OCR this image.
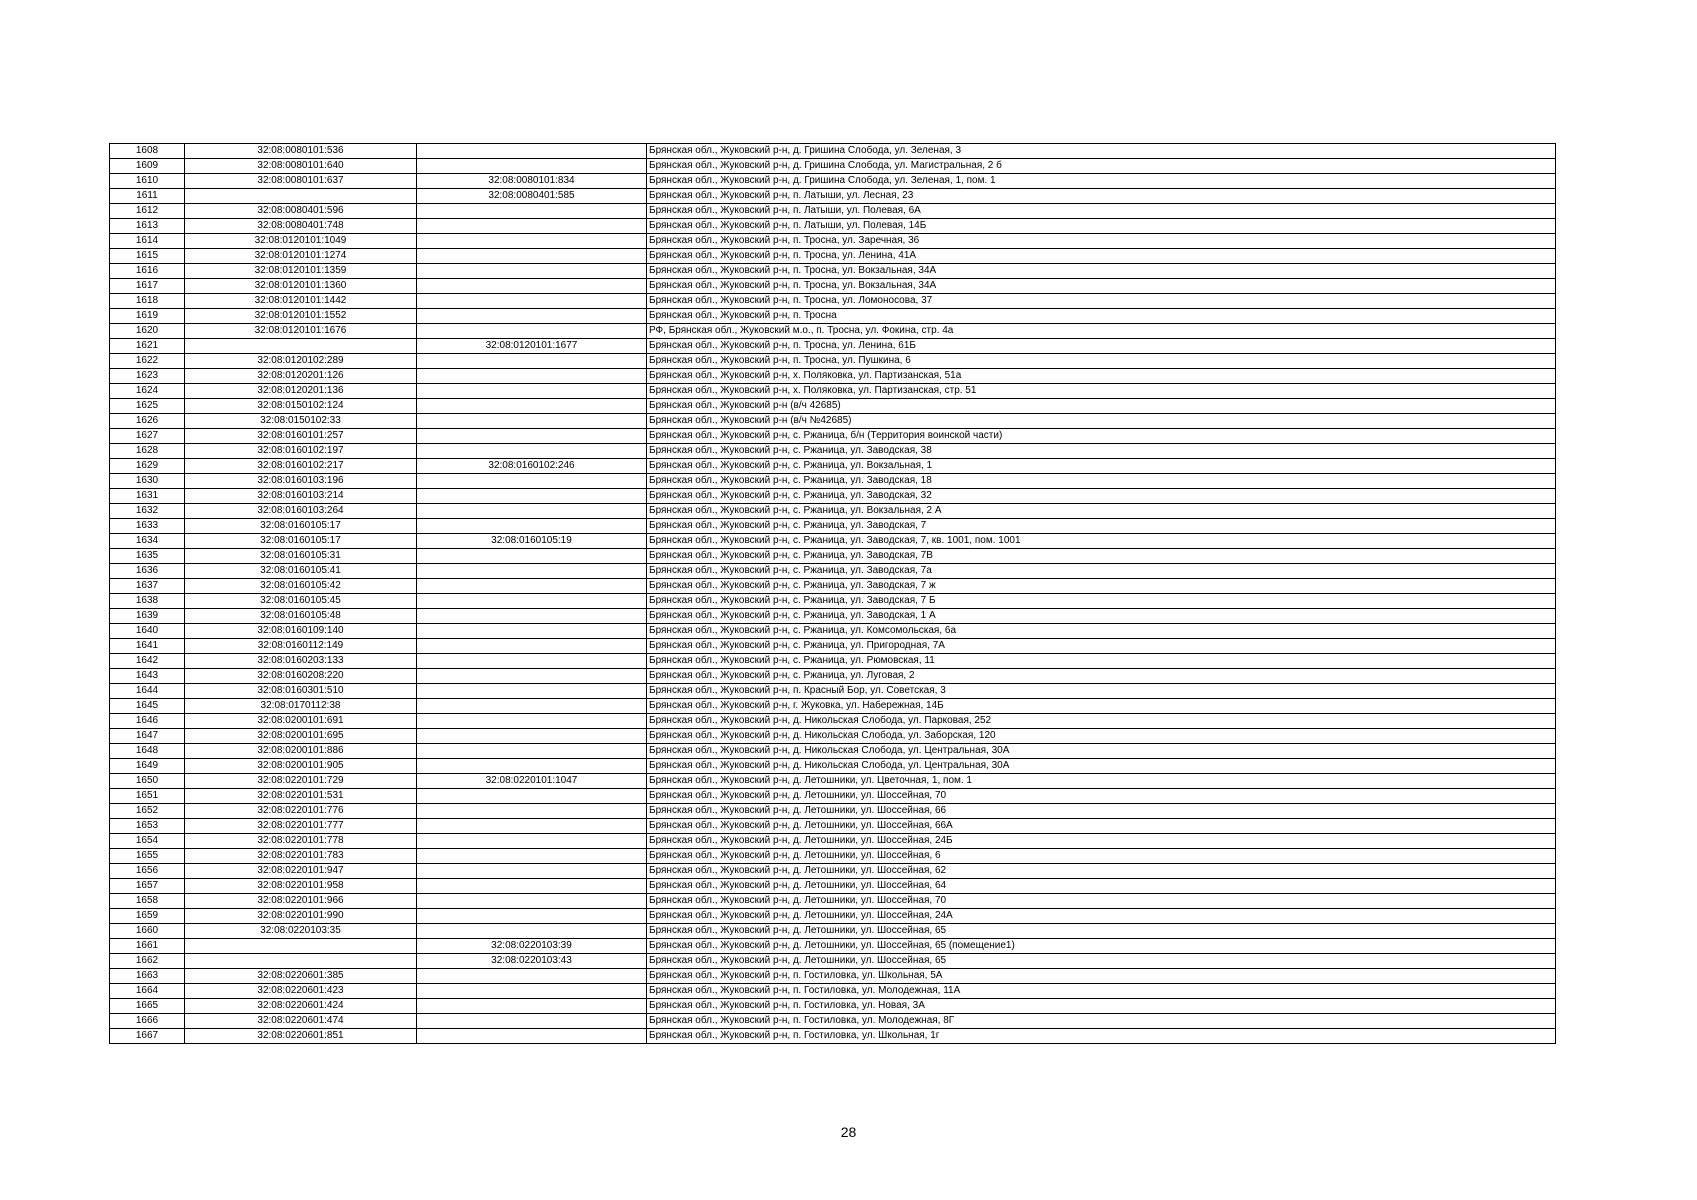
1608	32:08:0080101:536		Брянская обл., Жуковский р-н, д. Гришина Слобода, ул. Зеленая, 3
1609	32:08:0080101:640		Брянская обл., Жуковский р-н, д. Гришина Слобода, ул. Магистральная, 2 б
1610	32:08:0080101:637	32:08:0080101:834	Брянская обл., Жуковский р-н, д. Гришина Слобода, ул. Зеленая, 1, пом. 1
1611		32:08:0080401:585	Брянская обл., Жуковский р-н, п. Латыши, ул. Лесная, 23
1612	32:08:0080401:596		Брянская обл., Жуковский р-н, п. Латыши, ул. Полевая, 6А
1613	32:08:0080401:748		Брянская обл., Жуковский р-н, п. Латыши, ул. Полевая, 14Б
1614	32:08:0120101:1049		Брянская обл., Жуковский р-н, п. Тросна, ул. Заречная, 36
1615	32:08:0120101:1274		Брянская обл., Жуковский р-н, п. Тросна, ул. Ленина, 41А
1616	32:08:0120101:1359		Брянская обл., Жуковский р-н, п. Тросна, ул. Вокзальная, 34А
1617	32:08:0120101:1360		Брянская обл., Жуковский р-н, п. Тросна, ул. Вокзальная, 34А
1618	32:08:0120101:1442		Брянская обл., Жуковский р-н, п. Тросна, ул. Ломоносова, 37
1619	32:08:0120101:1552		Брянская обл., Жуковский р-н, п. Тросна
1620	32:08:0120101:1676		РФ, Брянская обл., Жуковский м.о., п. Тросна, ул. Фокина, стр. 4а
1621		32:08:0120101:1677	Брянская обл., Жуковский р-н, п. Тросна, ул. Ленина, 61Б
1622	32:08:0120102:289		Брянская обл., Жуковский р-н, п. Тросна, ул. Пушкина, 6
1623	32:08:0120201:126		Брянская обл., Жуковский р-н, х. Поляковка, ул. Партизанская, 51а
1624	32:08:0120201:136		Брянская обл., Жуковский р-н, х. Поляковка, ул. Партизанская, стр. 51
1625	32:08:0150102:124		Брянская обл., Жуковский р-н (в/ч 42685)
1626	32:08:0150102:33		Брянская обл., Жуковский р-н (в/ч №42685)
1627	32:08:0160101:257		Брянская обл., Жуковский р-н, с. Ржаница, б/н (Территория воинской части)
1628	32:08:0160102:197		Брянская обл., Жуковский р-н, с. Ржаница, ул. Заводская, 38
1629	32:08:0160102:217	32:08:0160102:246	Брянская обл., Жуковский р-н, с. Ржаница, ул. Вокзальная, 1
1630	32:08:0160103:196		Брянская обл., Жуковский р-н, с. Ржаница, ул. Заводская, 18
1631	32:08:0160103:214		Брянская обл., Жуковский р-н, с. Ржаница, ул. Заводская, 32
1632	32:08:0160103:264		Брянская обл., Жуковский р-н, с. Ржаница, ул. Вокзальная, 2 А
1633	32:08:0160105:17		Брянская обл., Жуковский р-н, с. Ржаница, ул. Заводская, 7
1634	32:08:0160105:17	32:08:0160105:19	Брянская обл., Жуковский р-н, с. Ржаница, ул. Заводская, 7, кв. 1001, пом. 1001
1635	32:08:0160105:31		Брянская обл., Жуковский р-н, с. Ржаница, ул. Заводская, 7В
1636	32:08:0160105:41		Брянская обл., Жуковский р-н, с. Ржаница, ул. Заводская, 7а
1637	32:08:0160105:42		Брянская обл., Жуковский р-н, с. Ржаница, ул. Заводская, 7 ж
1638	32:08:0160105:45		Брянская обл., Жуковский р-н, с. Ржаница, ул. Заводская, 7 Б
1639	32:08:0160105:48		Брянская обл., Жуковский р-н, с. Ржаница, ул. Заводская, 1 А
1640	32:08:0160109:140		Брянская обл., Жуковский р-н, с. Ржаница, ул. Комсомольская, 6а
1641	32:08:0160112:149		Брянская обл., Жуковский р-н, с. Ржаница, ул. Пригородная, 7А
1642	32:08:0160203:133		Брянская обл., Жуковский р-н, с. Ржаница, ул. Рюмовская, 11
1643	32:08:0160208:220		Брянская обл., Жуковский р-н, с. Ржаница, ул. Луговая, 2
1644	32:08:0160301:510		Брянская обл., Жуковский р-н, п. Красный Бор, ул. Советская, 3
1645	32:08:0170112:38		Брянская обл., Жуковский р-н, г. Жуковка, ул. Набережная, 14Б
1646	32:08:0200101:691		Брянская обл., Жуковский р-н, д. Никольская Слобода, ул. Парковая, 252
1647	32:08:0200101:695		Брянская обл., Жуковский р-н, д. Никольская Слобода, ул. Заборская, 120
1648	32:08:0200101:886		Брянская обл., Жуковский р-н, д. Никольская Слобода, ул. Центральная, 30А
1649	32:08:0200101:905		Брянская обл., Жуковский р-н, д. Никольская Слобода, ул. Центральная, 30А
1650	32:08:0220101:729	32:08:0220101:1047	Брянская обл., Жуковский р-н, д. Летошники, ул. Цветочная, 1, пом. 1
1651	32:08:0220101:531		Брянская обл., Жуковский р-н, д. Летошники, ул. Шоссейная, 70
1652	32:08:0220101:776		Брянская обл., Жуковский р-н, д. Летошники, ул. Шоссейная, 66
1653	32:08:0220101:777		Брянская обл., Жуковский р-н, д. Летошники, ул. Шоссейная, 66А
1654	32:08:0220101:778		Брянская обл., Жуковский р-н, д. Летошники, ул. Шоссейная, 24Б
1655	32:08:0220101:783		Брянская обл., Жуковский р-н, д. Летошники, ул. Шоссейная, 6
1656	32:08:0220101:947		Брянская обл., Жуковский р-н, д. Летошники, ул. Шоссейная, 62
1657	32:08:0220101:958		Брянская обл., Жуковский р-н, д. Летошники, ул. Шоссейная, 64
1658	32:08:0220101:966		Брянская обл., Жуковский р-н, д. Летошники, ул. Шоссейная, 70
1659	32:08:0220101:990		Брянская обл., Жуковский р-н, д. Летошники, ул. Шоссейная, 24А
1660	32:08:0220103:35		Брянская обл., Жуковский р-н, д. Летошники, ул. Шоссейная, 65
1661		32:08:0220103:39	Брянская обл., Жуковский р-н, д. Летошники, ул. Шоссейная, 65 (помещение1)
1662		32:08:0220103:43	Брянская обл., Жуковский р-н, д. Летошники, ул. Шоссейная, 65
1663	32:08:0220601:385		Брянская обл., Жуковский р-н, п. Гостиловка, ул. Школьная, 5А
1664	32:08:0220601:423		Брянская обл., Жуковский р-н, п. Гостиловка, ул. Молодежная, 11А
1665	32:08:0220601:424		Брянская обл., Жуковский р-н, п. Гостиловка, ул. Новая, 3А
1666	32:08:0220601:474		Брянская обл., Жуковский р-н, п. Гостиловка, ул. Молодежная, 8Г
1667	32:08:0220601:851		Брянская обл., Жуковский р-н, п. Гостиловка, ул. Школьная, 1г
28
